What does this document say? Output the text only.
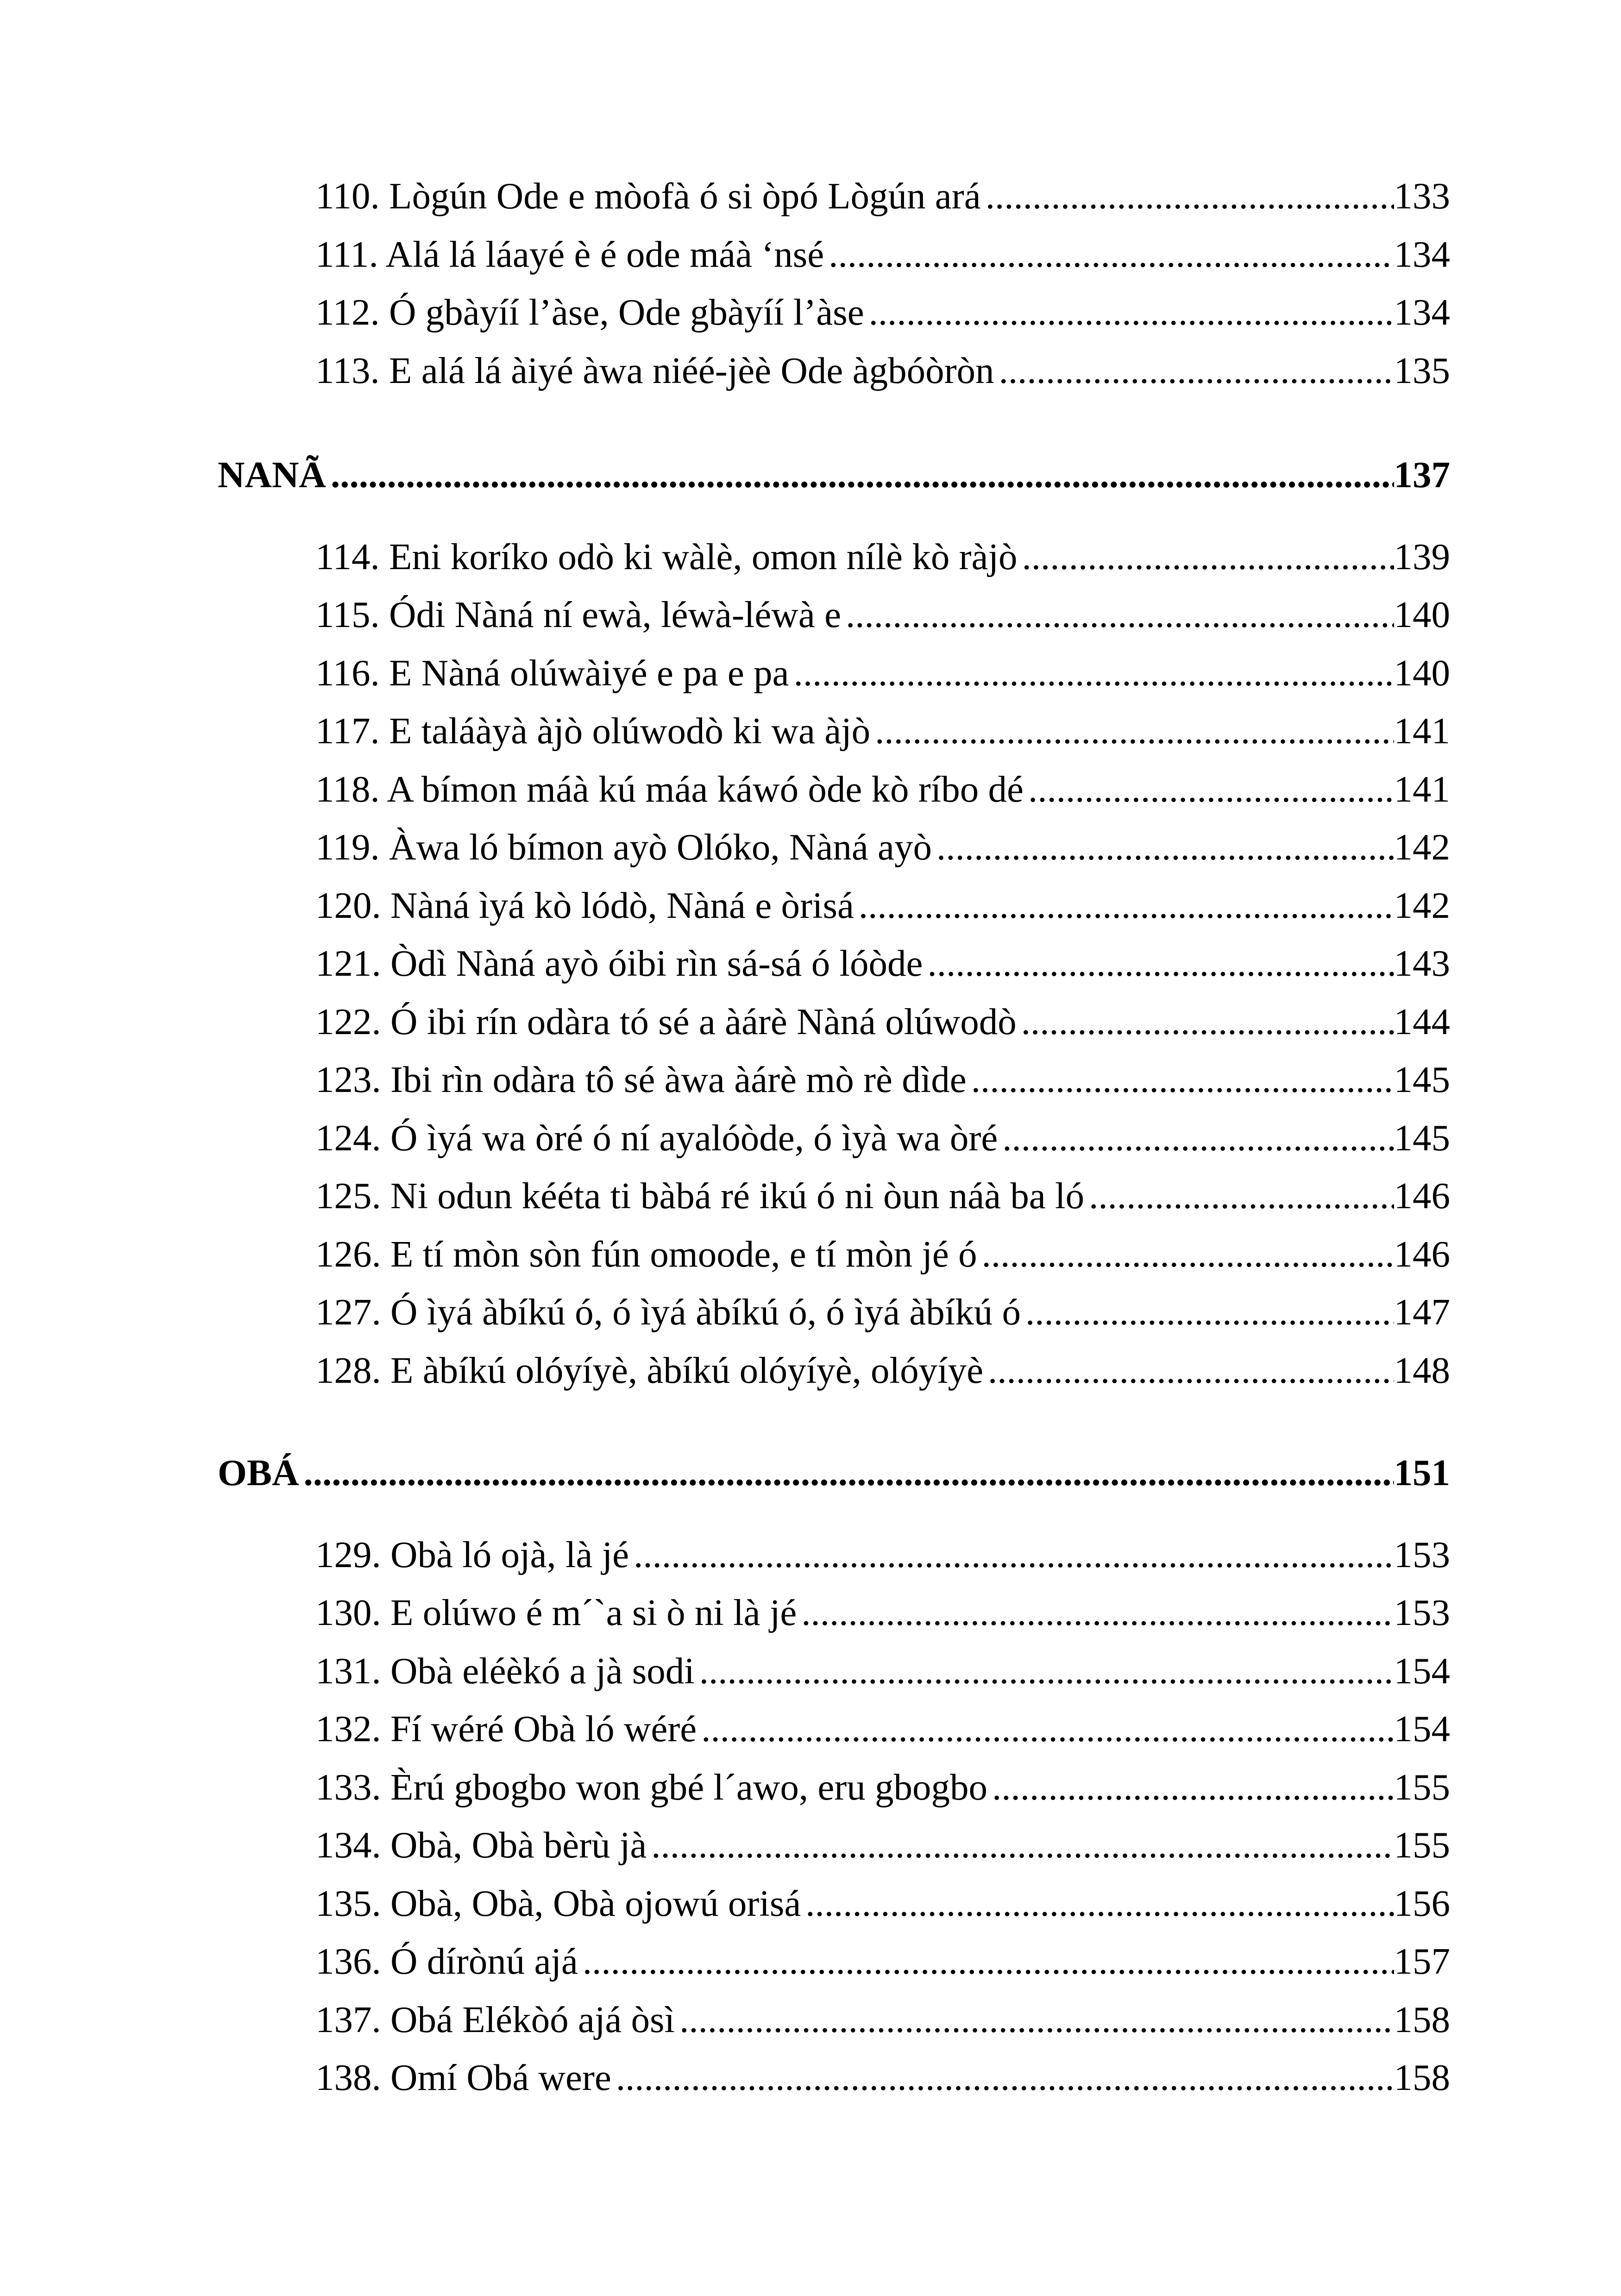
110. Lògún Ode e mòofà ó si òpó Lògún ará .....	133
111. Alá lá láayé è é ode máà ‘nsé .....	134
112. Ó gbàyíí l’àse, Ode gbàyíí l’àse .....	134
113. E alá lá àiyé àwa niéé-jèè Ode àgbóòròn .....	135
NANÃ .....	137
114. Eni koríko odò ki wàlè, omon nílè kò ràjò .....	139
115. Ódi Nàná ní ewà, léwà-léwà e .....	140
116. E Nàná olúwàiyé e pa e pa .....	140
117. E taláàyà àjò olúwodò ki wa àjò .....	141
118. A bímon máà kú máa káwó òde kò ríbo dé .....	141
119. Àwa ló bímon ayò Olóko, Nàná ayò .....	142
120. Nàná ìyá kò lódò, Nàná e òrisá .....	142
121. Òdì Nàná ayò óibi rìn sá-sá ó lóòde .....	143
122. Ó ibi rín odàra tó sé a àárè Nàná olúwodò .....	144
123. Ibi rìn odàra tô sé àwa àárè mò rè dìde .....	145
124. Ó ìyá wa òré ó ní ayalóòde, ó ìyà wa òré .....	145
125. Ni odun kééta ti bàbá ré ikú ó ni òun náà ba ló .....	146
126. E tí mòn sòn fún omoode, e tí mòn jé ó .....	146
127. Ó ìyá àbíkú ó, ó ìyá àbíkú ó, ó ìyá àbíkú ó .....	147
128. E àbíkú olóyíyè, àbíkú olóyíyè, olóyíyè .....	148
OBÁ .....	151
129. Obà ló ojà, là jé .....	153
130. E olúwo é m´`a si ò ni là jé .....	153
131. Obà eléèkó a jà sodi .....	154
132. Fí wéré Obà ló wéré .....	154
133. Èrú gbogbo won gbé l´awo, eru gbogbo .....	155
134. Obà, Obà bèrù jà .....	155
135. Obà, Obà, Obà ojowú orisá .....	156
136. Ó dírònú ajá .....	157
137. Obá Elékòó ajá òsì .....	158
138. Omí Obá were .....	158
